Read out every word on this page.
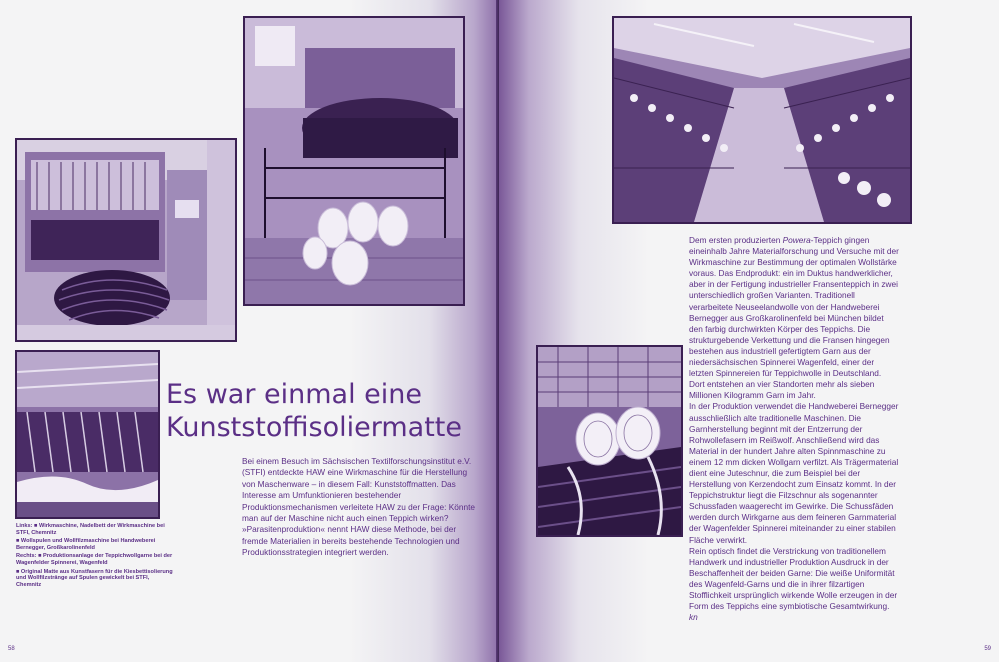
Es war einmal eine
Kunststoffisoliermatte

Bei einem Besuch im Sächsischen Textilforschungsinstitut e.V. (STFI) entdeckte HAW eine Wirkmaschine für die Herstellung von Maschenware – in diesem Fall: Kunststoffmatten. Das Interesse am Umfunktionieren bestehender Produktionsmechanismen verleitete HAW zu der Frage: Könnte man auf der Maschine nicht auch einen Teppich wirken? »Parasitenproduktion« nennt HAW diese Methode, bei der fremde Materialien in bereits bestehende Technologien und Produktionsstrategien integriert werden.

Links: ■ Wirkmaschine, Nadelbett der Wirkmaschine bei STFI, Chemnitz

■ Wollspulen und Wollfilzmaschine bei Handweberei Bernegger, Großkarolinenfeld

Rechts: ■ Produktionsanlage der Teppichwollgarne bei der Wagenfelder Spinnerei, Wagenfeld

■ Original Matte aus Kunstfasern für die Kiesbettisolierung und Wollfilzstränge auf Spulen gewickelt bei STFI, Chemnitz

58

Dem ersten produzierten Powera-Teppich gingen eineinhalb Jahre Materialforschung und Versuche mit der Wirkmaschine zur Bestimmung der optimalen Wollstärke voraus. Das Endprodukt: ein im Duktus handwerklicher, aber in der Fertigung industrieller Fransenteppich in zwei unterschiedlich großen Varianten. Traditionell verarbeitete Neuseelandwolle von der Handweberei Bernegger aus Großkarolinenfeld bei München bildet den farbig durchwirkten Körper des Teppichs. Die strukturgebende Verkettung und die Fransen hingegen bestehen aus industriell gefertigtem Garn aus der niedersächsischen Spinnerei Wagenfeld, einer der letzten Spinnereien für Teppichwolle in Deutschland. Dort entstehen an vier Standorten mehr als sieben Millionen Kilogramm Garn im Jahr.

In der Produktion verwendet die Handweberei Bernegger ausschließlich alte traditionelle Maschinen. Die Garnherstellung beginnt mit der Entzerrung der Rohwollefasern im Reißwolf. Anschließend wird das Material in der hundert Jahre alten Spinnmaschine zu einem 12 mm dicken Wollgarn verfilzt. Als Trägermaterial dient eine Juteschnur, die zum Beispiel bei der Herstellung von Kerzendocht zum Einsatz kommt. In der Teppichstruktur liegt die Filzschnur als sogenannter Schussfaden waagerecht im Gewirke. Die Schussfäden werden durch Wirkgarne aus dem feineren Garnmaterial der Wagenfelder Spinnerei miteinander zu einer stabilen Fläche verwirkt.

Rein optisch findet die Verstrickung von traditionellem Handwerk und industrieller Produktion Ausdruck in der Beschaffenheit der beiden Garne: Die weiße Uniformität des Wagenfeld-Garns und die in ihrer filzartigen Stofflichkeit ursprünglich wirkende Wolle erzeugen in der Form des Teppichs eine symbiotische Gesamtwirkung. kn

59
